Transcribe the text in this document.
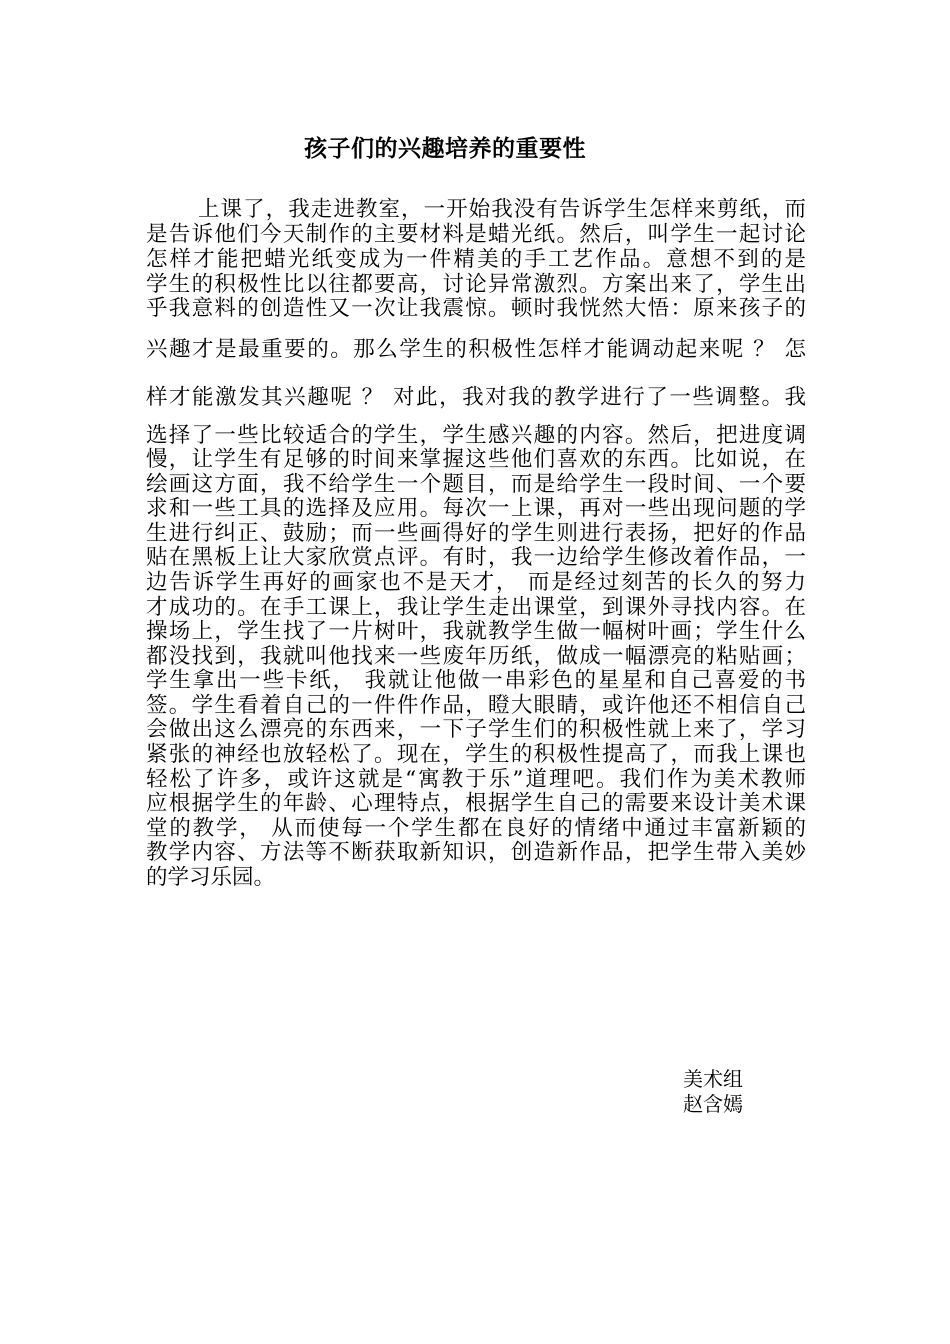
孩子们的兴趣培养的重要性
上课了，我走进教室，一开始我没有告诉学生怎样来剪纸，而
是告诉他们今天制作的主要材料是蜡光纸。然后，叫学生一起讨论
怎样才能把蜡光纸变成为一件精美的手工艺作品。意想不到的是
学生的积极性比以往都要高，讨论异常激烈。方案出来了，学生出
乎我意料的创造性又一次让我震惊。顿时我恍然大悟：原来孩子的
兴趣才是最重要的。那么学生的积极性怎样才能调动起来呢 ？ 怎
样才能激发其兴趣呢 ？ 对此，我对我的教学进行了一些调整。我
选择了一些比较适合的学生，学生感兴趣的内容。然后，把进度调
慢，让学生有足够的时间来掌握这些他们喜欢的东西。比如说，在
绘画这方面，我不给学生一个题目，而是给学生一段时间、一个要
求和一些工具的选择及应用。每次一上课，再对一些出现问题的学
生进行纠正、鼓励；而一些画得好的学生则进行表扬，把好的作品
贴在黑板上让大家欣赏点评。有时，我一边给学生修改着作品，一
边告诉学生再好的画家也不是天才， 而是经过刻苦的长久的努力
才成功的。在手工课上，我让学生走出课堂，到课外寻找内容。在
操场上，学生找了一片树叶，我就教学生做一幅树叶画；学生什么
都没找到，我就叫他找来一些废年历纸，做成一幅漂亮的粘贴画；
学生拿出一些卡纸， 我就让他做一串彩色的星星和自己喜爱的书
签。学生看着自己的一件件作品，瞪大眼睛，或许他还不相信自己
会做出这么漂亮的东西来，一下子学生们的积极性就上来了，学习
紧张的神经也放轻松了。现在，学生的积极性提高了，而我上课也
轻松了许多，或许这就是“寓教于乐”道理吧。我们作为美术教师
应根据学生的年龄、心理特点，根据学生自己的需要来设计美术课
堂的教学， 从而使每一个学生都在良好的情绪中通过丰富新颖的
教学内容、方法等不断获取新知识，创造新作品，把学生带入美妙
的学习乐园。
美术组
赵含嫣
